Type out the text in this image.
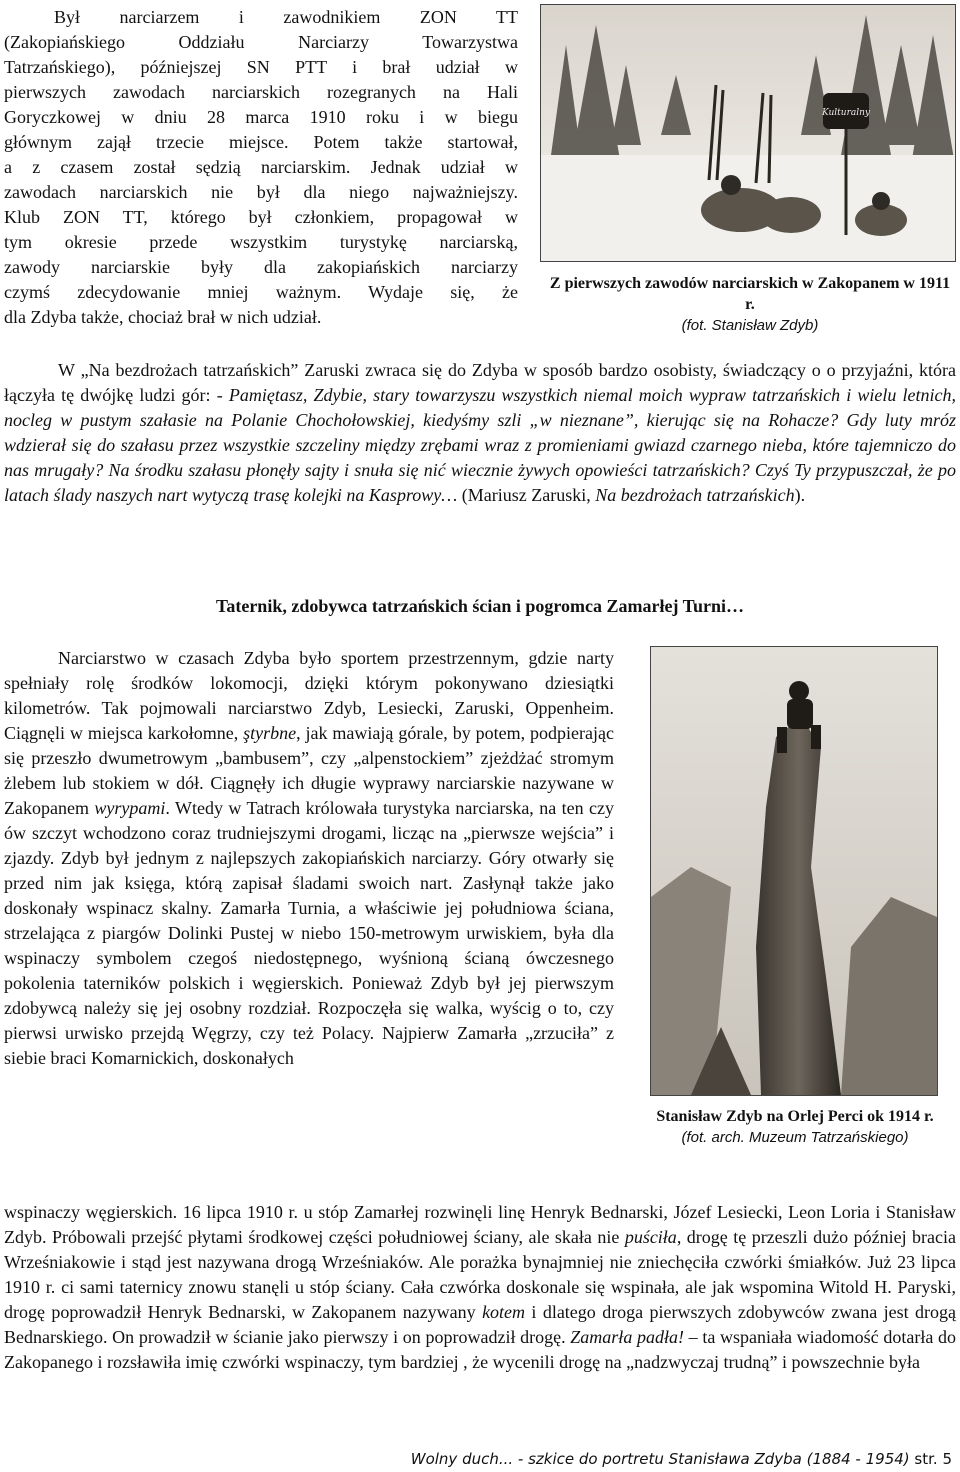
Był narciarzem i zawodnikiem ZON TT
(Zakopiańskiego Oddziału Narciarzy Towarzystwa
Tatrzańskiego), późniejszej SN PTT i brał udział w
pierwszych zawodach narciarskich rozegranych na Hali
Goryczkowej w dniu 28 marca 1910 roku i w biegu
głównym zajął trzecie miejsce. Potem także startował,
a z czasem został sędzią narciarskim. Jednak udział w
zawodach narciarskich nie był dla niego najważniejszy.
Klub ZON TT, którego był członkiem, propagował w
tym okresie przede wszystkim turystykę narciarską,
zawody narciarskie były dla zakopiańskich narciarzy
czymś zdecydowanie mniej ważnym. Wydaje się, że
dla Zdyba także, chociaż brał w nich udział.
Kulturalny
Z pierwszych zawodów narciarskich w Zakopanem w 1911 r.
(fot. Stanisław Zdyb)
W „Na bezdrożach tatrzańskich” Zaruski zwraca się do Zdyba w sposób bardzo osobisty, świadczący o o przyjaźni, która łączyła tę dwójkę ludzi gór: - Pamiętasz, Zdybie, stary towarzyszu wszystkich niemal moich wypraw tatrzańskich i wielu letnich, nocleg w pustym szałasie na Polanie Chochołowskiej, kiedyśmy szli „w nieznane”, kierując się na Rohacze? Gdy luty mróz wdzierał się do szałasu przez wszystkie szczeliny między zrębami wraz z promieniami gwiazd czarnego nieba, które tajemniczo do nas mrugały? Na środku szałasu płonęły sajty i snuła się nić wiecznie żywych opowieści tatrzańskich? Czyś Ty przypuszczał, że po latach ślady naszych nart wytyczą trasę kolejki na Kasprowy… (Mariusz Zaruski, Na bezdrożach tatrzańskich).
Taternik, zdobywca tatrzańskich ścian i pogromca Zamarłej Turni…
Narciarstwo w czasach Zdyba było sportem przestrzennym, gdzie narty spełniały rolę środków lokomocji, dzięki którym pokonywano dziesiątki kilometrów. Tak pojmowali narciarstwo Zdyb, Lesiecki, Zaruski, Oppenheim. Ciągnęli w miejsca karkołomne, ştyrbne, jak mawiają górale, by potem, podpierając się przeszło dwumetrowym „bambusem”, czy „alpenstockiem” zjeżdżać stromym żlebem lub stokiem w dół. Ciągnęły ich długie wyprawy narciarskie nazywane w Zakopanem wyrypami. Wtedy w Tatrach królowała turystyka narciarska, na ten czy ów szczyt wchodzono coraz trudniejszymi drogami, licząc na „pierwsze wejścia” i zjazdy. Zdyb był jednym z najlepszych zakopiańskich narciarzy. Góry otwarły się przed nim jak księga, którą zapisał śladami swoich nart. Zasłynął także jako doskonały wspinacz skalny. Zamarła Turnia, a właściwie jej południowa ściana, strzelająca z piargów Dolinki Pustej w niebo 150-metrowym urwiskiem, była dla wspinaczy symbolem czegoś niedostępnego, wyśnioną ścianą ówczesnego pokolenia taterników polskich i węgierskich. Ponieważ Zdyb był jej pierwszym zdobywcą należy się jej osobny rozdział. Rozpoczęła się walka, wyścig o to, czy pierwsi urwisko przejdą Węgrzy, czy też Polacy. Najpierw Zamarła „zrzuciła” z siebie braci Komarnickich, doskonałych
Stanisław Zdyb na Orlej Perci ok 1914 r.
(fot. arch. Muzeum Tatrzańskiego)
wspinaczy węgierskich. 16 lipca 1910 r. u stóp Zamarłej rozwinęli linę Henryk Bednarski, Józef Lesiecki, Leon Loria i Stanisław Zdyb. Próbowali przejść płytami środkowej części południowej ściany, ale skała nie puściła, drogę tę przeszli dużo później bracia Wrześniakowie i stąd jest nazywana drogą Wrześniaków. Ale porażka bynajmniej nie zniechęciła czwórki śmiałków. Już 23 lipca 1910 r. ci sami taternicy znowu stanęli u stóp ściany. Cała czwórka doskonale się wspinała, ale jak wspomina Witold H. Paryski, drogę poprowadził Henryk Bednarski, w Zakopanem nazywany kotem i dlatego droga pierwszych zdobywców zwana jest drogą Bednarskiego. On prowadził w ścianie jako pierwszy i on poprowadził drogę. Zamarła padła! – ta wspaniała wiadomość dotarła do Zakopanego i rozsławiła imię czwórki wspinaczy, tym bardziej , że wycenili drogę na „nadzwyczaj trudną” i powszechnie była
Wolny duch... - szkice do portretu Stanisława Zdyba (1884 - 1954) str. 5
